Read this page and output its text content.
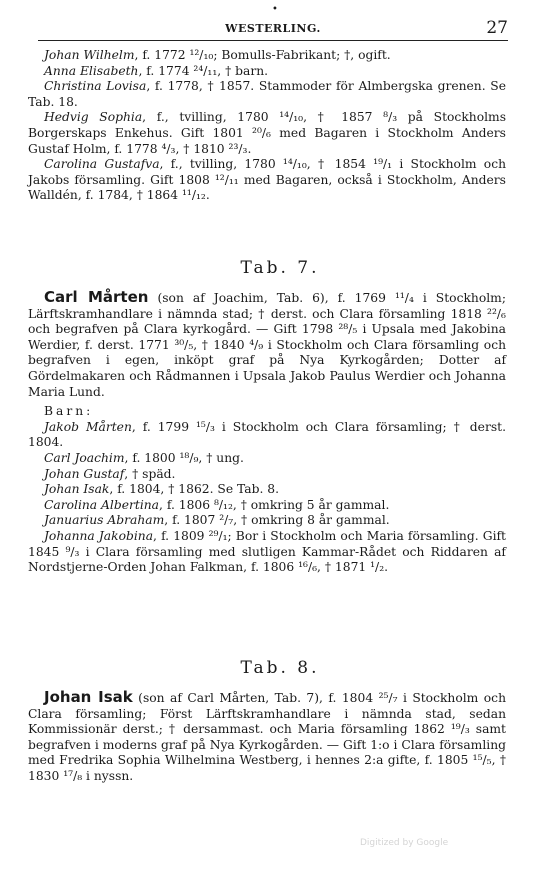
•
WESTERLING.	27

Johan Wilhelm, f. 1772 ¹²/₁₀; Bomulls-Fabrikant; †, ogift.

Anna Elisabeth, f. 1774 ²⁴/₁₁, † barn.

Christina Lovisa, f. 1778, † 1857. Stammoder för Almbergska grenen. Se Tab. 18.

Hedvig Sophia, f., tvilling, 1780 ¹⁴/₁₀, † 1857 ⁸/₃ på Stockholms Borgerskaps Enkehus. Gift 1801 ²⁰/₆ med Bagaren i Stockholm Anders Gustaf Holm, f. 1778 ⁴/₃, † 1810 ²³/₃.

Carolina Gustafva, f., tvilling, 1780 ¹⁴/₁₀, † 1854 ¹⁹/₁ i Stockholm och Jakobs församling. Gift 1808 ¹²/₁₁ med Bagaren, också i Stockholm, Anders Walldén, f. 1784, † 1864 ¹¹/₁₂.

Tab. 7.

Carl Mårten (son af Joachim, Tab. 6), f. 1769 ¹¹/₄ i Stockholm; Lärftskramhandlare i nämnda stad; † derst. och Clara församling 1818 ²²/₆ och begrafven på Clara kyrkogård. — Gift 1798 ²⁸/₅ i Upsala med Jakobina Werdier, f. derst. 1771 ³⁰/₅, † 1840 ⁴/₉ i Stockholm och Clara församling och begrafven i egen, inköpt graf på Nya Kyrkogården; Dotter af Gördelmakaren och Rådmannen i Upsala Jakob Paulus Werdier och Johanna Maria Lund.

Barn:

Jakob Mårten, f. 1799 ¹⁵/₃ i Stockholm och Clara församling; † derst. 1804.

Carl Joachim, f. 1800 ¹⁸/₉, † ung.

Johan Gustaf, † späd.

Johan Isak, f. 1804, † 1862. Se Tab. 8.

Carolina Albertina, f. 1806 ⁸/₁₂, † omkring 5 år gammal.

Januarius Abraham, f. 1807 ²/₇, † omkring 8 år gammal.

Johanna Jakobina, f. 1809 ²⁹/₁; Bor i Stockholm och Maria församling. Gift 1845 ⁹/₃ i Clara församling med slutligen Kammar-Rådet och Riddaren af Nordstjerne-Orden Johan Falkman, f. 1806 ¹⁶/₆, † 1871 ¹/₂.

Tab. 8.

Johan Isak (son af Carl Mårten, Tab. 7), f. 1804 ²⁵/₇ i Stockholm och Clara församling; Först Lärftskramhandlare i nämnda stad, sedan Kommissionär derst.; † dersammast. och Maria församling 1862 ¹⁹/₃ samt begrafven i moderns graf på Nya Kyrkogården. — Gift 1:o i Clara församling med Fredrika Sophia Wilhelmina Westberg, i hennes 2:a gifte, f. 1805 ¹⁵/₅, † 1830 ¹⁷/₈ i nyssn.

Digitized by Google
